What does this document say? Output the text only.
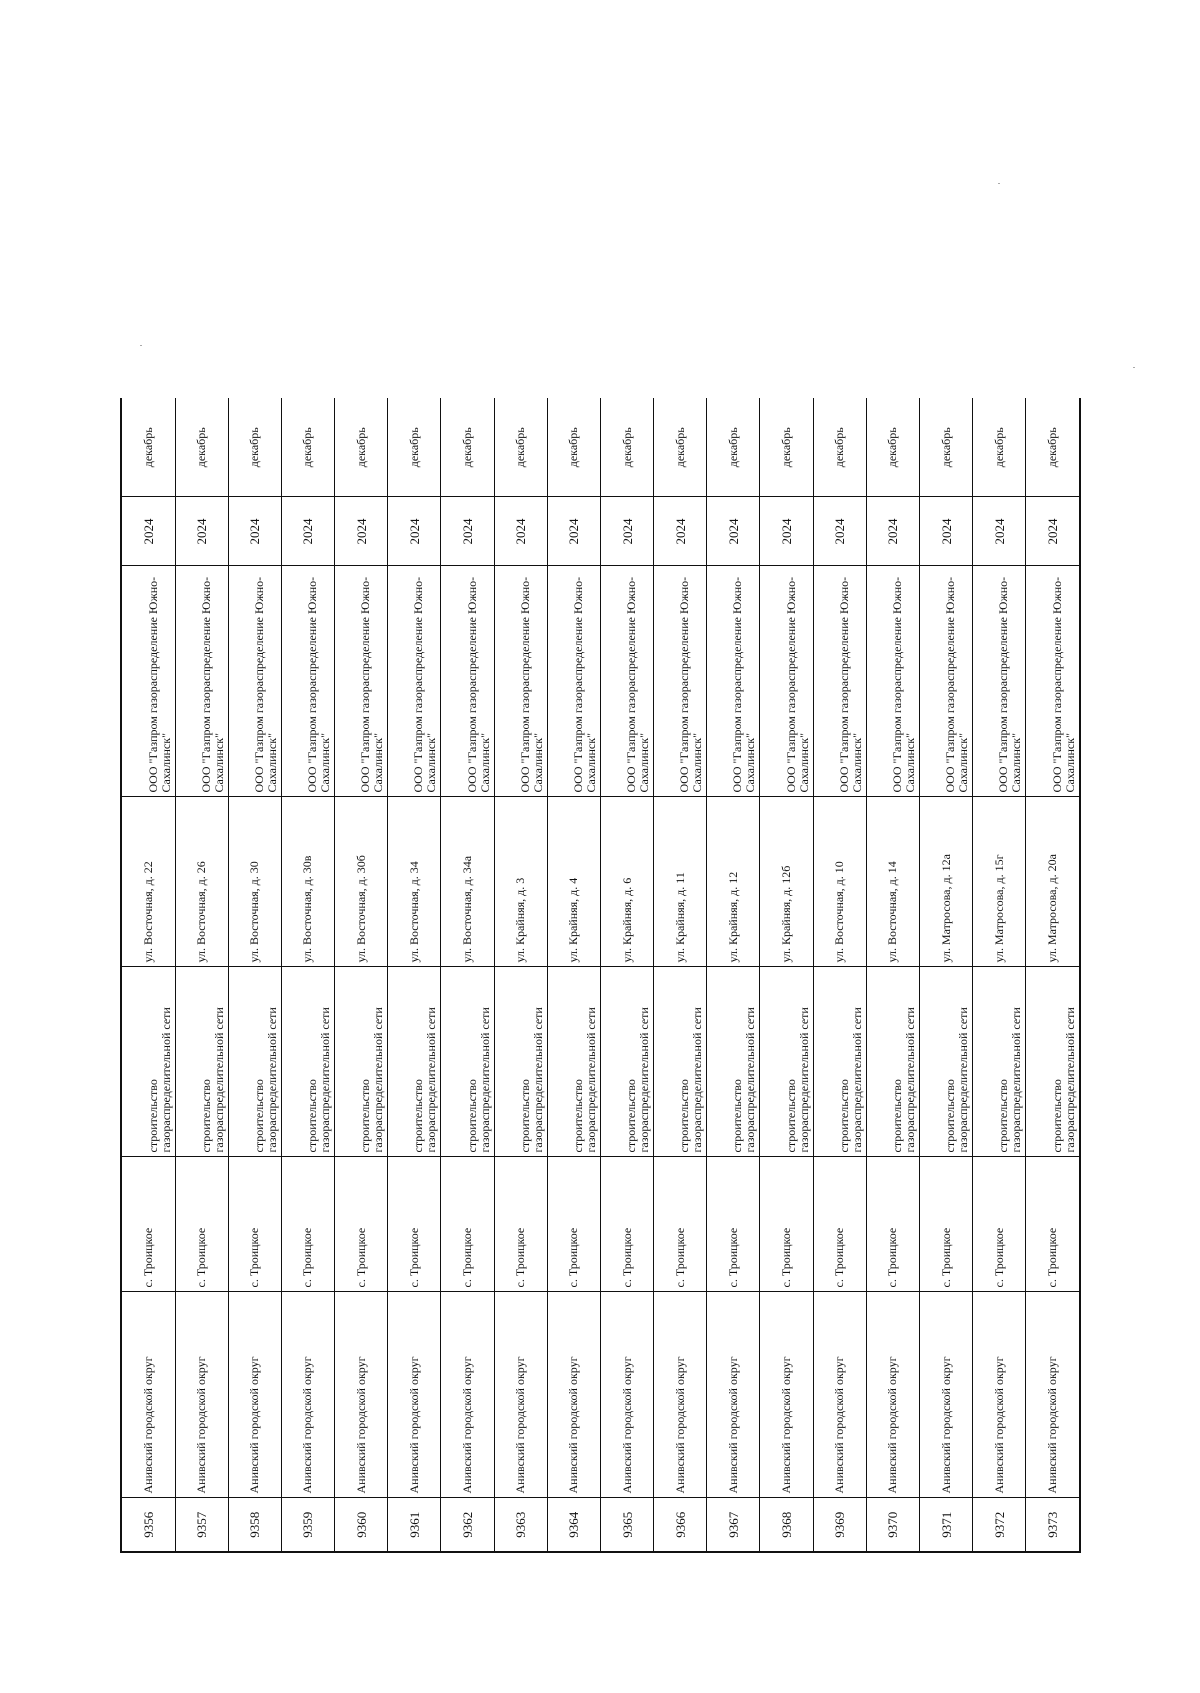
9356	Анивский городской округ	с. Троицкое	строительство газораспределительной сети	ул. Восточная, д. 22	ООО "Газпром газораспределение Южно-Сахалинск"	2024	декабрь
9357	Анивский городской округ	с. Троицкое	строительство газораспределительной сети	ул. Восточная, д. 26	ООО "Газпром газораспределение Южно-Сахалинск"	2024	декабрь
9358	Анивский городской округ	с. Троицкое	строительство газораспределительной сети	ул. Восточная, д. 30	ООО "Газпром газораспределение Южно-Сахалинск"	2024	декабрь
9359	Анивский городской округ	с. Троицкое	строительство газораспределительной сети	ул. Восточная, д. 30в	ООО "Газпром газораспределение Южно-Сахалинск"	2024	декабрь
9360	Анивский городской округ	с. Троицкое	строительство газораспределительной сети	ул. Восточная, д. 30б	ООО "Газпром газораспределение Южно-Сахалинск"	2024	декабрь
9361	Анивский городской округ	с. Троицкое	строительство газораспределительной сети	ул. Восточная, д. 34	ООО "Газпром газораспределение Южно-Сахалинск"	2024	декабрь
9362	Анивский городской округ	с. Троицкое	строительство газораспределительной сети	ул. Восточная, д. 34а	ООО "Газпром газораспределение Южно-Сахалинск"	2024	декабрь
9363	Анивский городской округ	с. Троицкое	строительство газораспределительной сети	ул. Крайняя, д. 3	ООО "Газпром газораспределение Южно-Сахалинск"	2024	декабрь
9364	Анивский городской округ	с. Троицкое	строительство газораспределительной сети	ул. Крайняя, д. 4	ООО "Газпром газораспределение Южно-Сахалинск"	2024	декабрь
9365	Анивский городской округ	с. Троицкое	строительство газораспределительной сети	ул. Крайняя, д. 6	ООО "Газпром газораспределение Южно-Сахалинск"	2024	декабрь
9366	Анивский городской округ	с. Троицкое	строительство газораспределительной сети	ул. Крайняя, д. 11	ООО "Газпром газораспределение Южно-Сахалинск"	2024	декабрь
9367	Анивский городской округ	с. Троицкое	строительство газораспределительной сети	ул. Крайняя, д. 12	ООО "Газпром газораспределение Южно-Сахалинск"	2024	декабрь
9368	Анивский городской округ	с. Троицкое	строительство газораспределительной сети	ул. Крайняя, д. 12б	ООО "Газпром газораспределение Южно-Сахалинск"	2024	декабрь
9369	Анивский городской округ	с. Троицкое	строительство газораспределительной сети	ул. Восточная, д. 10	ООО "Газпром газораспределение Южно-Сахалинск"	2024	декабрь
9370	Анивский городской округ	с. Троицкое	строительство газораспределительной сети	ул. Восточная, д. 14	ООО "Газпром газораспределение Южно-Сахалинск"	2024	декабрь
9371	Анивский городской округ	с. Троицкое	строительство газораспределительной сети	ул. Матросова, д. 12а	ООО "Газпром газораспределение Южно-Сахалинск"	2024	декабрь
9372	Анивский городской округ	с. Троицкое	строительство газораспределительной сети	ул. Матросова, д. 15г	ООО "Газпром газораспределение Южно-Сахалинск"	2024	декабрь
9373	Анивский городской округ	с. Троицкое	строительство газораспределительной сети	ул. Матросова, д. 20а	ООО "Газпром газораспределение Южно-Сахалинск"	2024	декабрь
